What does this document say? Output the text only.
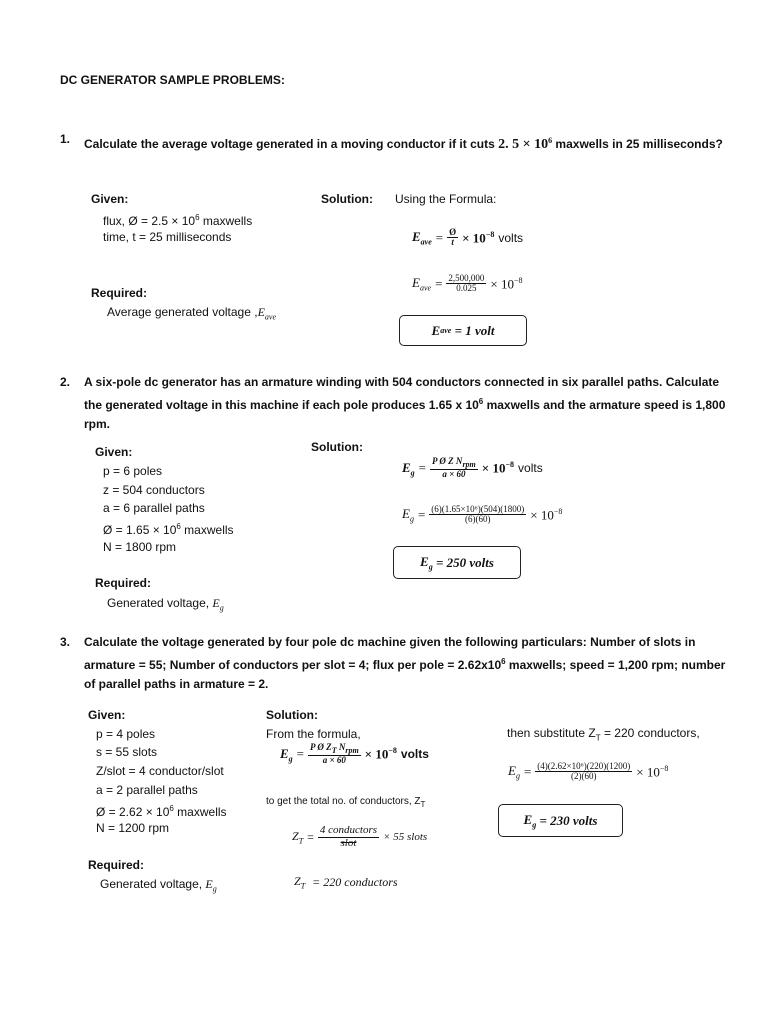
DC GENERATOR SAMPLE PROBLEMS:
1. Calculate the average voltage generated in a moving conductor if it cuts 2. $5 \times 10^6$ maxwells in 25 milliseconds?
Given:
flux, Ø = $2.5 \times 10^6$ maxwells
time, t = 25 milliseconds
Required:
Average generated voltage $,E_{ave}$
Solution: Using the Formula:
$E_{ave} = \frac{Ø}{t} \times 10^{-8}$ volts
$E_{ave} = \frac{2,500,000}{0.025} \times 10^{-8}$
E ave = 1 volt
2. A six-pole dc generator has an armature winding with 504 conductors connected in six parallel paths. Calculate the generated voltage in this machine if each pole produces 1.65 x $10^6$ maxwells and the armature speed is 1,800 rpm.
Given:
p = 6 poles
z = 504 conductors
a = 6 parallel paths
Ø = $1.65 \times 10^6$ maxwells
N = 1800 rpm
Required:
Generated voltage, $E_g$
Solution:
$E_g = \frac{P Ø Z N_{rpm}}{a \times 60} \times 10^{-8}$ volts
$E_g = \frac{\text{(6)(1.65×10⁶)(504)(1800)}}{(6)(60)} \times 10^{-8}$
$E_g = 250$ volts
3. Calculate the voltage generated by four pole dc machine given the following particulars: Number of slots in armature = 55; Number of conductors per slot = 4; flux per pole = $2.62x10^6$ maxwells; speed = 1,200 rpm; number of parallel paths in armature = 2.
Given:
p = 4 poles
s = 55 slots
Z/slot = 4 conductor/slot
a = 2 parallel paths
Ø = $2.62 \times 10^6$ maxwells
N = 1200 rpm
Required:
Generated voltage, $E_g$
Solution:
From the formula,
$E_g = \frac{P Ø Z_T N_{rpm}}{a \times 60} \times 10^{-8}$ volts
to get the total no. of conductors, $Z_T$
$Z_T = \frac{\text{4 conductors}}{\text{slot}} \times 55$ slots
$Z_T = 220$ conductors
then substitute $Z_T = 220$ conductors,
$E_g = \frac{\text{(4)(2.62×10⁶)(220)(1200)}}{(2)(60)} \times 10^{-8}$
$E_g = 230$ volts
